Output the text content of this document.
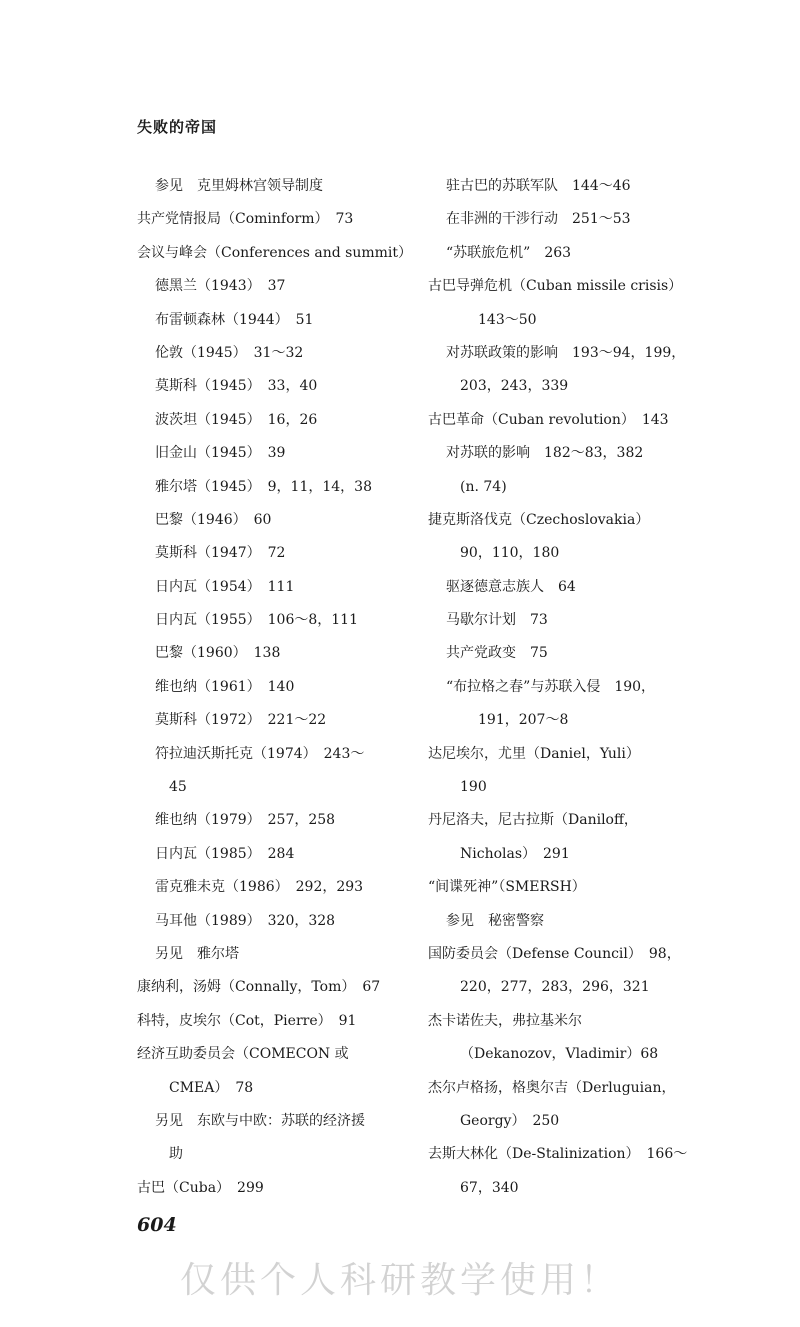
失败的帝国
参见　克里姆林宫领导制度
共产党情报局（Cominform）　73
会议与峰会（Conferences and summit）
德黑兰（1943）　37
布雷顿森林（1944）　51
伦敦（1945）　31～32
莫斯科（1945）　33，40
波茨坦（1945）　16，26
旧金山（1945）　39
雅尔塔（1945）　9，11，14，38
巴黎（1946）　60
莫斯科（1947）　72
日内瓦（1954）　111
日内瓦（1955）　106～8，111
巴黎（1960）　138
维也纳（1961）　140
莫斯科（1972）　221～22
符拉迪沃斯托克（1974）　243～
45
维也纳（1979）　257，258
日内瓦（1985）　284
雷克雅未克（1986）　292，293
马耳他（1989）　320，328
另见　雅尔塔
康纳利，汤姆（Connally，Tom）　67
科特，皮埃尔（Cot，Pierre）　91
经济互助委员会（COMECON 或
CMEA）　78
另见　东欧与中欧：苏联的经济援
助
古巴（Cuba）　299
驻古巴的苏联军队　144～46
在非洲的干涉行动　251～53
“苏联旅危机”　263
古巴导弹危机（Cuban missile crisis）
143～50
对苏联政策的影响　193～94，199，
203，243，339
古巴革命（Cuban revolution）　143
对苏联的影响　182～83，382
(n. 74)
捷克斯洛伐克（Czechoslovakia）
90，110，180
驱逐德意志族人　64
马歇尔计划　73
共产党政变　75
“布拉格之春”与苏联入侵　190，
191，207～8
达尼埃尔，尤里（Daniel，Yuli）
190
丹尼洛夫，尼古拉斯（Daniloff，
Nicholas）　291
“间谍死神”（SMERSH）
参见　秘密警察
国防委员会（Defense Council）　98，
220，277，283，296，321
杰卡诺佐夫，弗拉基米尔
（Dekanozov，Vladimir）68
杰尔卢格扬，格奥尔吉（Derluguian，
Georgy）　250
去斯大林化（De-Stalinization）　166～
67，340
604
仅供个人科研教学使用！
